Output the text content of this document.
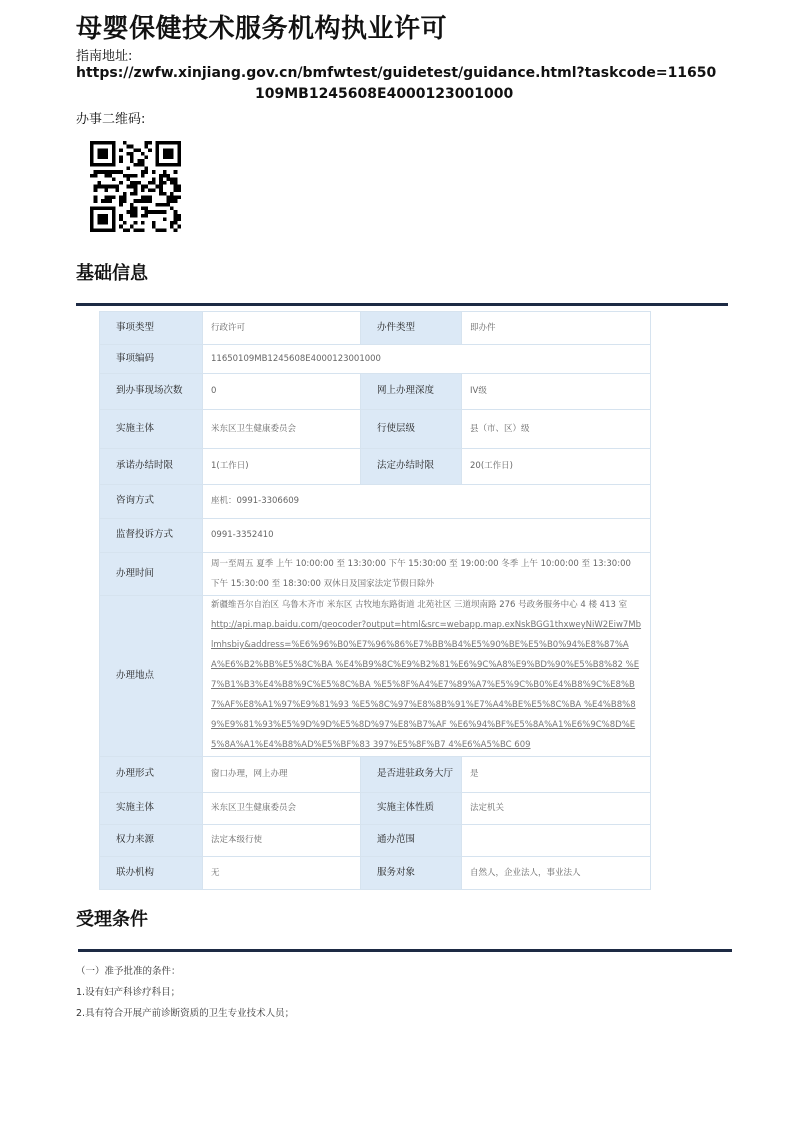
母婴保健技术服务机构执业许可
指南地址:
https://zwfw.xinjiang.gov.cn/bmfwtest/guidetest/guidance.html?taskcode=11650
109MB1245608E4000123001000
办事二维码:
基础信息
事项类型	行政许可	办件类型	即办件
事项编码	11650109MB1245608E4000123001000		
到办事现场次数	0	网上办理深度	IV级
实施主体	米东区卫生健康委员会	行使层级	县（市、区）级
承诺办结时限	1(工作日)	法定办结时限	20(工作日)
咨询方式	座机：0991-3306609		
监督投诉方式	0991-3352410		
办理时间	周一至周五 夏季 上午 10:00:00 至 13:30:00 下午 15:30:00 至 19:00:00 冬季 上午 10:00:00 至 13:30:00 下午 15:30:00 至 18:30:00 双休日及国家法定节假日除外		
办理地点	新疆维吾尔自治区 乌鲁木齐市 米东区 古牧地东路街道 北苑社区 三道坝南路 276 号政务服务中心 4 楼 413 室
http://api.map.baidu.com/geocoder?output=html&src=webapp.map.exNskBGG1thxweyNiW2Eiw7Mblmhsbiy&address=%E6%96%B0%E7%96%86%E7%BB%B4%E5%90%BE%E5%B0%94%E8%87%AA%E6%B2%BB%E5%8C%BA %E4%B9%8C%E9%B2%81%E6%9C%A8%E9%BD%90%E5%B8%82 %E7%B1%B3%E4%B8%9C%E5%8C%BA %E5%8F%A4%E7%89%A7%E5%9C%B0%E4%B8%9C%E8%B7%AF%E8%A1%97%E9%81%93 %E5%8C%97%E8%8B%91%E7%A4%BE%E5%8C%BA %E4%B8%89%E9%81%93%E5%9D%9D%E5%8D%97%E8%B7%AF %E6%94%BF%E5%8A%A1%E6%9C%8D%E5%8A%A1%E4%B8%AD%E5%BF%83 397%E5%8F%B7 4%E6%A5%BC 609		
办理形式	窗口办理，网上办理	是否进驻政务大厅	是
实施主体	米东区卫生健康委员会	实施主体性质	法定机关
权力来源	法定本级行使	通办范围	
联办机构	无	服务对象	自然人，企业法人，事业法人
受理条件
（一）准予批准的条件：
1.设有妇产科诊疗科目；
2.具有符合开展产前诊断资质的卫生专业技术人员；
